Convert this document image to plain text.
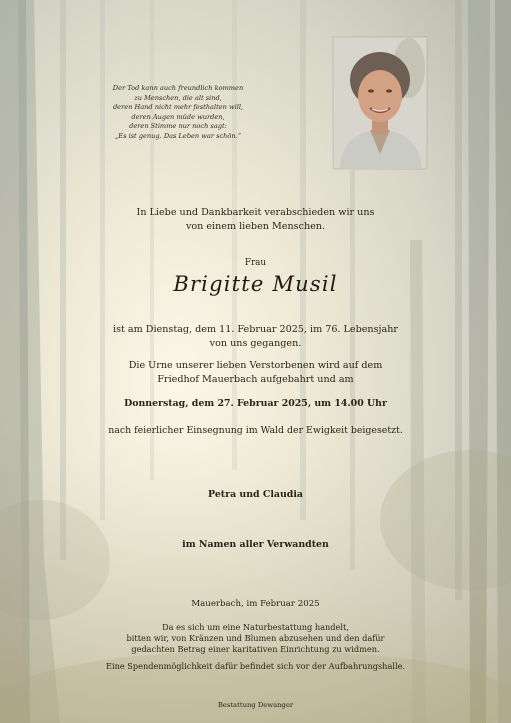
Der Tod kann auch freundlich kommen
zu Menschen, die alt sind,
deren Hand nicht mehr festhalten will,
deren Augen müde wurden,
deren Stimme nur noch sagt:
„Es ist genug. Das Leben war schön.“
In Liebe und Dankbarkeit verabschieden wir uns
von einem lieben Menschen.
Frau
Brigitte Musil
ist am Dienstag, dem 11. Februar 2025, im 76. Lebensjahr
von uns gegangen.
Die Urne unserer lieben Verstorbenen wird auf dem
Friedhof Mauerbach aufgebahrt und am
Donnerstag, dem 27. Februar 2025, um 14.00 Uhr
nach feierlicher Einsegnung im Wald der Ewigkeit beigesetzt.
Petra und Claudia
im Namen aller Verwandten
Mauerbach, im Februar 2025
Da es sich um eine Naturbestattung handelt,
bitten wir, von Kränzen und Blumen abzusehen und den dafür
gedachten Betrag einer karitativen Einrichtung zu widmen.
Eine Spendenmöglichkeit dafür befindet sich vor der Aufbahrungshalle.
Bestattung Dewanger
